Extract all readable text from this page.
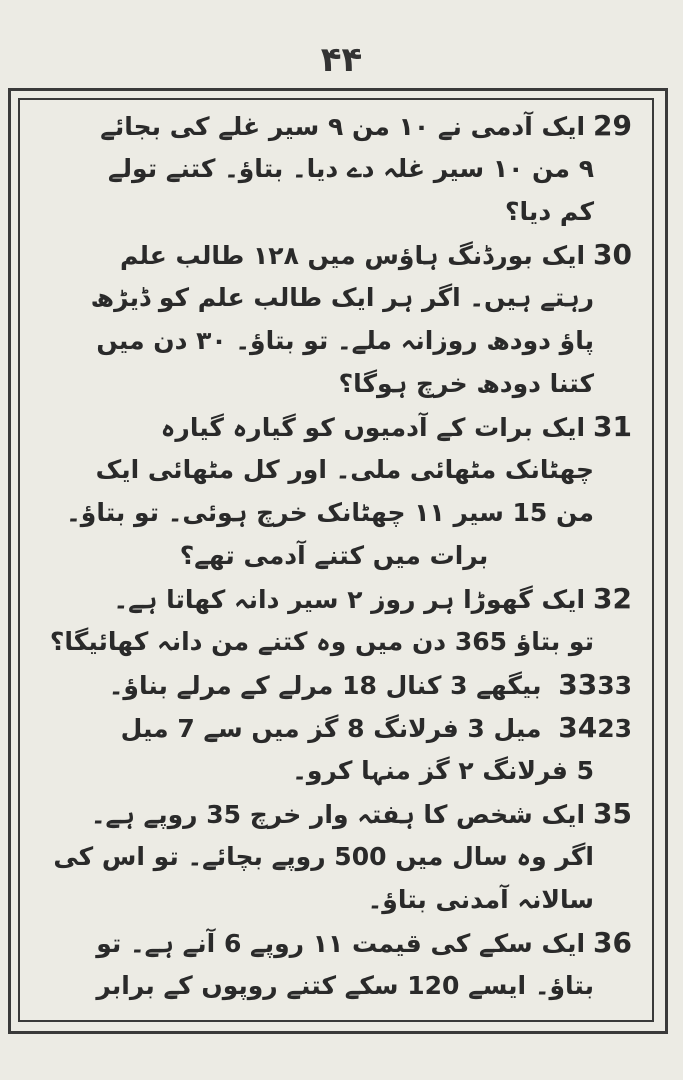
۴۴
29ایک آدمی نے ۱۰ من ۹ سیر غلے کی بجائے
۹ من ۱۰ سیر غلہ دے دیا۔ بتاؤ۔ کتنے تولے
کم دیا؟
30ایک بورڈنگ ہاؤس میں ۱۲۸ طالب علم
رہتے ہیں۔ اگر ہر ایک طالب علم کو ڈیڑھ
پاؤ دودھ روزانہ ملے۔ تو بتاؤ۔ ۳۰ دن میں
کتنا دودھ خرچ ہوگا؟
31ایک برات کے آدمیوں کو گیارہ گیارہ
چھٹانک مٹھائی ملی۔ اور کل مٹھائی ایک
من 15 سیر ۱۱ چھٹانک خرچ ہوئی۔ تو بتاؤ۔
برات میں کتنے آدمی تھے؟
32ایک گھوڑا ہر روز ۲ سیر دانہ کھاتا ہے۔
تو بتاؤ 365 دن میں وہ کتنے من دانہ کھائیگا؟
3333 بیگھے 3 کنال 18 مرلے کے مرلے بناؤ۔
3423 میل 3 فرلانگ 8 گز میں سے 7 میل
5 فرلانگ ۲ گز منہا کرو۔
35ایک شخص کا ہفتہ وار خرچ 35 روپے ہے۔
اگر وہ سال میں 500 روپے بچائے۔ تو اس کی
سالانہ آمدنی بتاؤ۔
36ایک سکے کی قیمت ۱۱ روپے 6 آنے ہے۔ تو
بتاؤ۔ ایسے 120 سکے کتنے روپوں کے برابر
